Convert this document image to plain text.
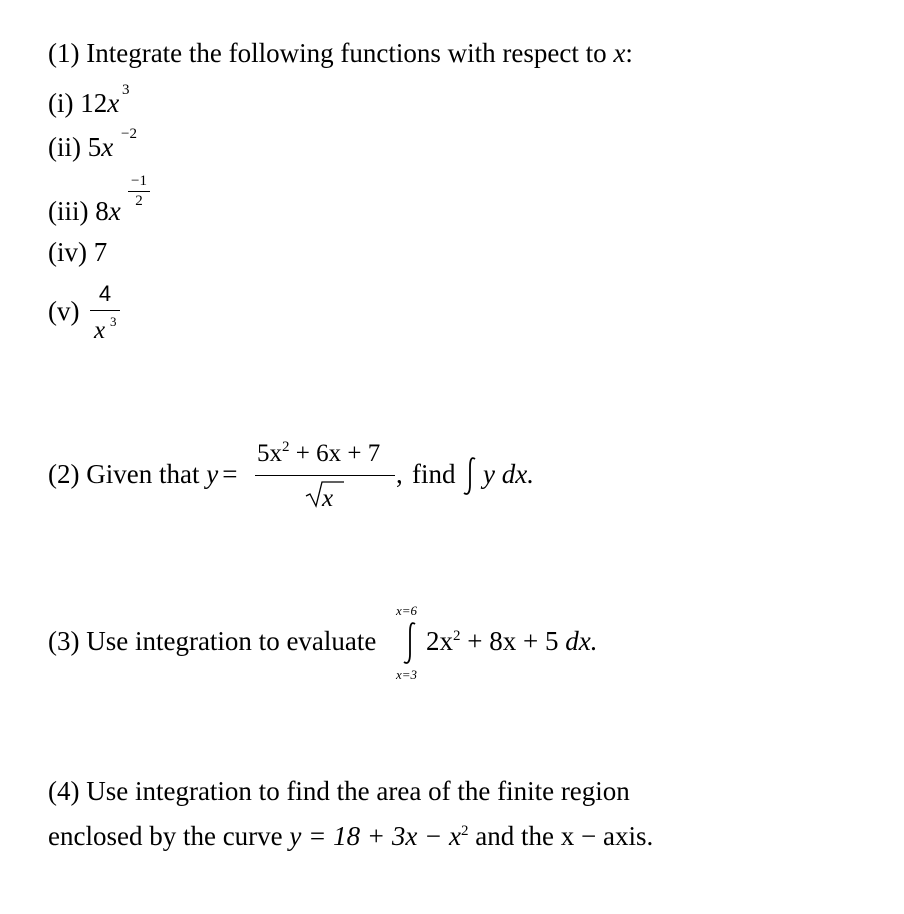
(1) Integrate the following functions with respect to x:
(i) 12x 3
(ii) 5x −2
(iii) 8x
−1
2
(iv) 7
(v)
4
x 3
(2) Given that y =
$5x^2 + 6x + 7$
x
, find y dx.
(3) Use integration to evaluate
x=6
x=3
$2x^2 + 8x + 5$ dx.
(4) Use integration to find the area of the finite region
enclosed by the curve $y = 18 + 3x - x^2$ and the x − axis.
